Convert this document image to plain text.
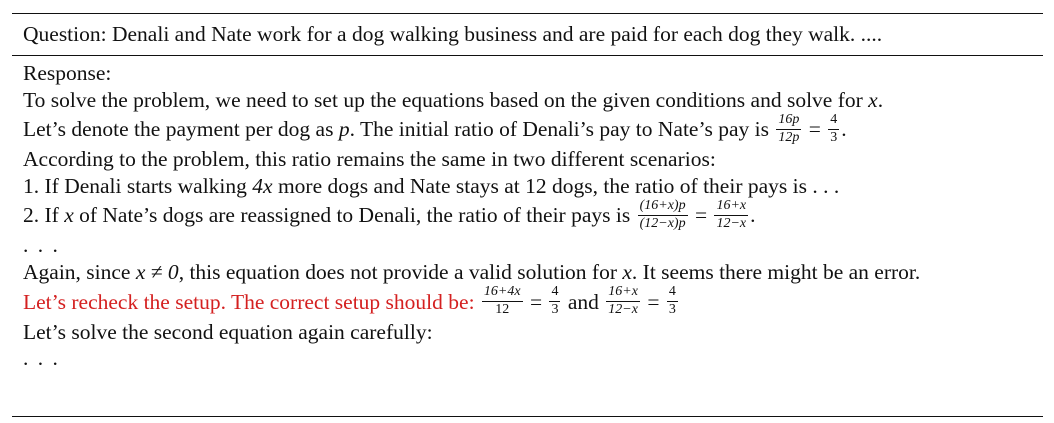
Question: Denali and Nate work for a dog walking business and are paid for each dog they walk. ....
Response:
To solve the problem, we need to set up the equations based on the given conditions and solve for x.
Let’s denote the payment per dog as p. The initial ratio of Denali’s pay to Nate’s pay is $\frac{16p}{12p} = \frac{4}{3}$ .
According to the problem, this ratio remains the same in two different scenarios:
1. If Denali starts walking 4x more dogs and Nate stays at 12 dogs, the ratio of their pays is . . .
2. If x of Nate’s dogs are reassigned to Denali, the ratio of their pays is $\frac{(16+x)p}{(12-x)p} = \frac{16+x}{12-x}$ .
. . .
Again, since x ≠ 0, this equation does not provide a valid solution for x. It seems there might be an error.
Let’s recheck the setup. The correct setup should be: $\frac{16+4x}{12} = \frac{4}{3}$ and $\frac{16+x}{12-x} = \frac{4}{3}$
Let’s solve the second equation again carefully:
. . .
